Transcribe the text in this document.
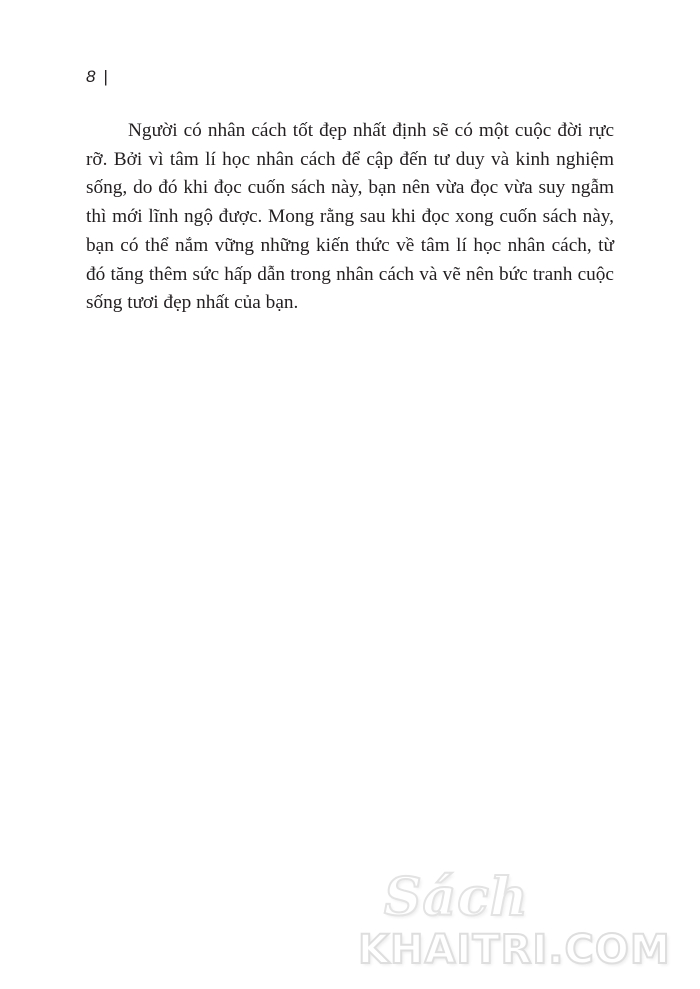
8 |

Người có nhân cách tốt đẹp nhất định sẽ có một cuộc đời rực rỡ. Bởi vì tâm lí học nhân cách để cập đến tư duy và kinh nghiệm sống, do đó khi đọc cuốn sách này, bạn nên vừa đọc vừa suy ngẫm thì mới lĩnh ngộ được. Mong rằng sau khi đọc xong cuốn sách này, bạn có thể nắm vững những kiến thức về tâm lí học nhân cách, từ đó tăng thêm sức hấp dẫn trong nhân cách và vẽ nên bức tranh cuộc sống tươi đẹp nhất của bạn.

Sách
KHAITRI.COM
